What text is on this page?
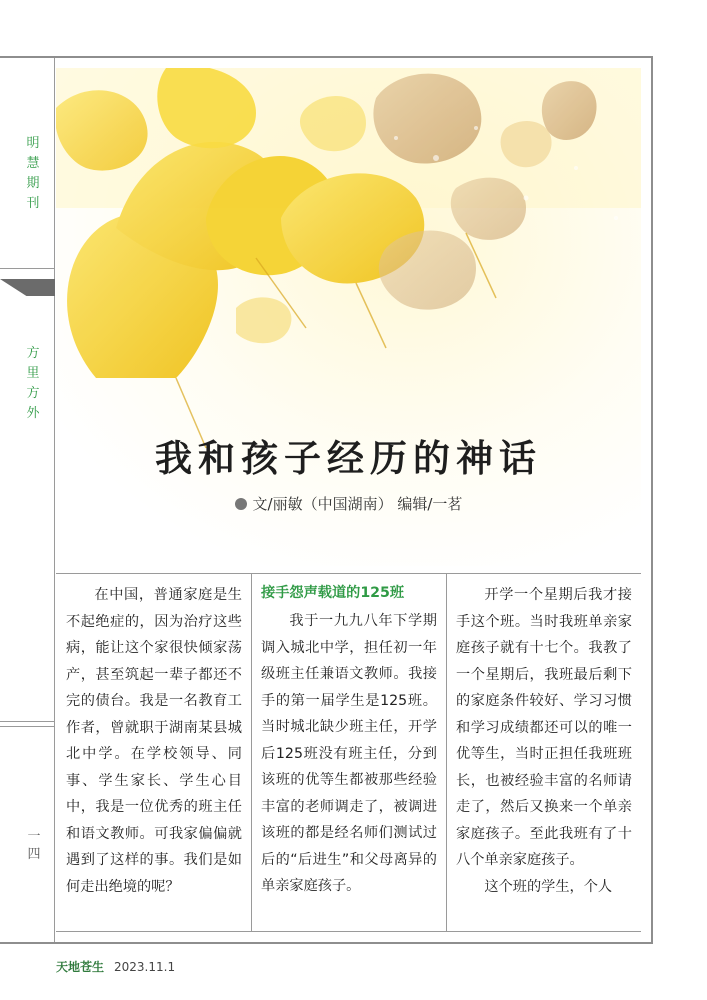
明
慧
期
刊
方
里
方
外
一
四
我和孩子经历的神话
文/丽敏（中国湖南） 编辑/一茗

在中国，普通家庭是生不起绝症的，因为治疗这些病，能让这个家很快倾家荡产，甚至筑起一辈子都还不完的债台。我是一名教育工作者，曾就职于湖南某县城北中学。在学校领导、同事、学生家长、学生心目中，我是一位优秀的班主任和语文教师。可我家偏偏就遇到了这样的事。我们是如何走出绝境的呢？

接手怨声载道的125班

我于一九九八年下学期调入城北中学，担任初一年级班主任兼语文教师。我接手的第一届学生是125班。当时城北缺少班主任，开学后125班没有班主任，分到该班的优等生都被那些经验丰富的老师调走了，被调进该班的都是经名师们测试过后的“后进生”和父母离异的单亲家庭孩子。

开学一个星期后我才接手这个班。当时我班单亲家庭孩子就有十七个。我教了一个星期后，我班最后剩下的家庭条件较好、学习习惯和学习成绩都还可以的唯一优等生，当时正担任我班班长，也被经验丰富的名师请走了，然后又换来一个单亲家庭孩子。至此我班有了十八个单亲家庭孩子。

这个班的学生，个人

天地苍生 2023.11.1
